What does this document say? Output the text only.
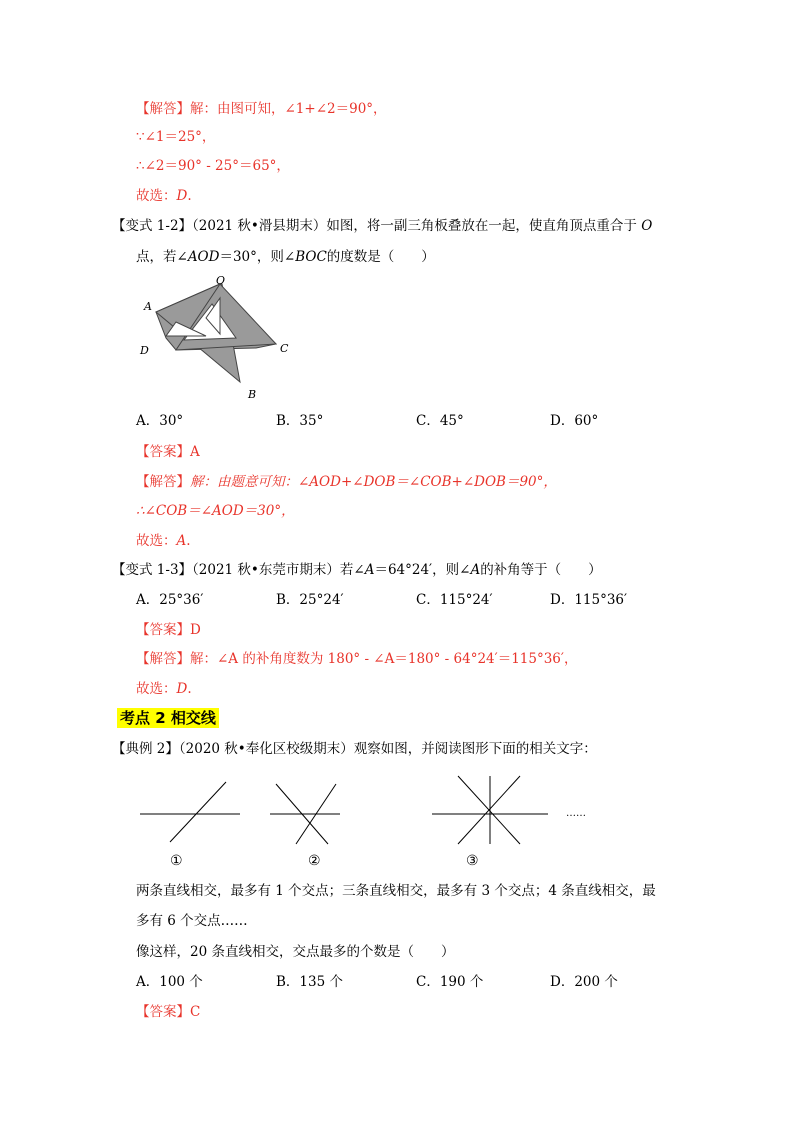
【解答】解：由图可知，∠1+∠2＝90°，
∵∠1＝25°，
∴∠2＝90° - 25°＝65°，
故选：D.
【变式 1-2】（2021 秋•滑县期末）如图，将一副三角板叠放在一起，使直角顶点重合于 O
点，若∠AOD＝30°，则∠BOC的度数是（　　）
O
A
D	C
B
A．30°	B．35°	C．45°	D．60°
【答案】A
【解答】解：由题意可知：∠AOD+∠DOB＝∠COB+∠DOB＝90°，
∴∠COB＝∠AOD＝30°，
故选：A.
【变式 1-3】（2021 秋•东莞市期末）若∠A＝64°24′，则∠A的补角等于（　　）
A．25°36′	B．25°24′	C．115°24′	D．115°36′
【答案】D
【解答】解：∠A 的补角度数为 180° - ∠A＝180° - 64°24′＝115°36′，
故选：D.
考点 2 相交线
【典例 2】（2020 秋•奉化区校级期末）观察如图，并阅读图形下面的相关文字：
①	②	③
……
两条直线相交，最多有 1 个交点；三条直线相交，最多有 3 个交点；4 条直线相交，最
多有 6 个交点……
像这样，20 条直线相交，交点最多的个数是（　　）
A．100 个	B．135 个	C．190 个	D．200 个
【答案】C
